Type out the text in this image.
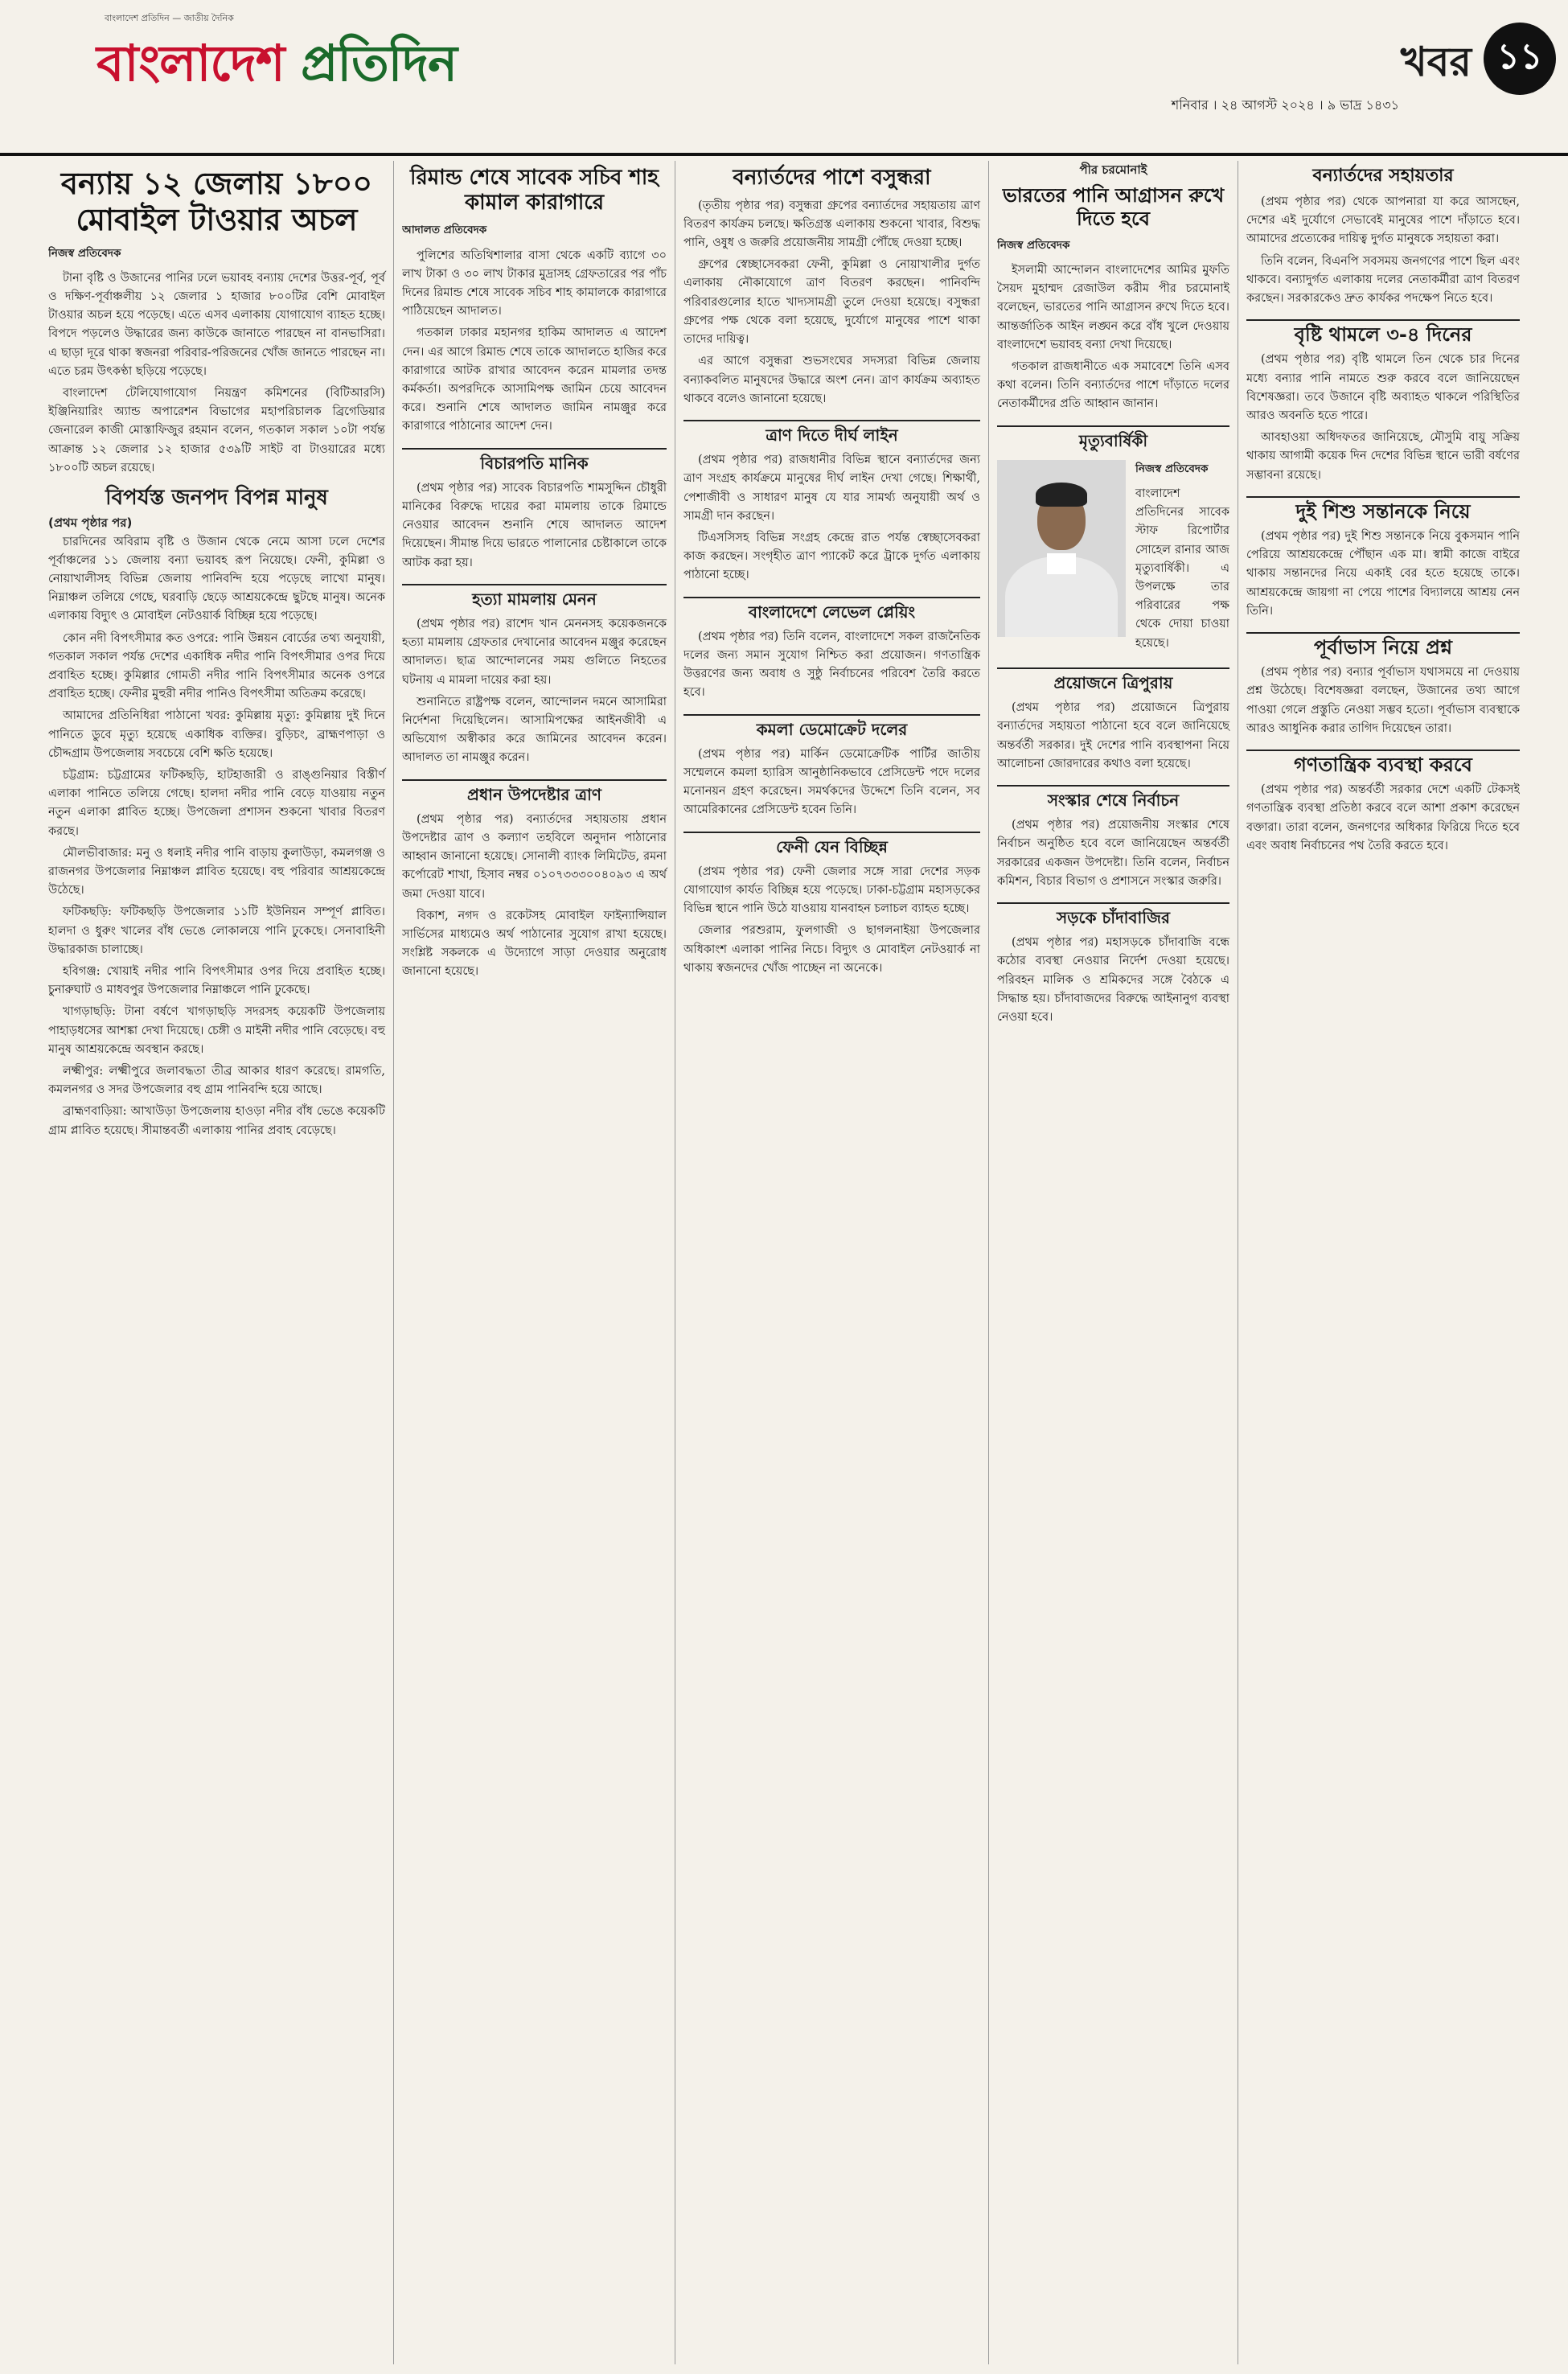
বাংলাদেশ প্রতিদিন — জাতীয় দৈনিক
বাংলাদেশ প্রতিদিন
শনিবার । ২৪ আগস্ট ২০২৪ । ৯ ভাদ্র ১৪৩১
খবর ১১
বন্যায় ১২ জেলায় ১৮০০ মোবাইল টাওয়ার অচল
নিজস্ব প্রতিবেদক

টানা বৃষ্টি ও উজানের পানির ঢলে ভয়াবহ বন্যায় দেশের উত্তর-পূর্ব, পূর্ব ও দক্ষিণ-পূর্বাঞ্চলীয় ১২ জেলার ১ হাজার ৮০০টির বেশি মোবাইল টাওয়ার অচল হয়ে পড়েছে। এতে এসব এলাকায় যোগাযোগ ব্যাহত হচ্ছে। বিপদে পড়লেও উদ্ধারের জন্য কাউকে জানাতে পারছেন না বানভাসিরা। এ ছাড়া দূরে থাকা স্বজনরা পরিবার-পরিজনের খোঁজ জানতে পারছেন না। এতে চরম উৎকণ্ঠা ছড়িয়ে পড়েছে।

বাংলাদেশ টেলিযোগাযোগ নিয়ন্ত্রণ কমিশনের (বিটিআরসি) ইঞ্জিনিয়ারিং অ্যান্ড অপারেশন বিভাগের মহাপরিচালক ব্রিগেডিয়ার জেনারেল কাজী মোস্তাফিজুর রহমান বলেন, গতকাল সকাল ১০টা পর্যন্ত আক্রান্ত ১২ জেলার ১২ হাজার ৫৩৯টি সাইট বা টাওয়ারের মধ্যে ১৮০০টি অচল রয়েছে।

বিপর্যস্ত জনপদ বিপন্ন মানুষ
(প্রথম পৃষ্ঠার পর)

চারদিনের অবিরাম বৃষ্টি ও উজান থেকে নেমে আসা ঢলে দেশের পূর্বাঞ্চলের ১১ জেলায় বন্যা ভয়াবহ রূপ নিয়েছে। ফেনী, কুমিল্লা ও নোয়াখালীসহ বিভিন্ন জেলায় পানিবন্দি হয়ে পড়েছে লাখো মানুষ। নিম্নাঞ্চল তলিয়ে গেছে, ঘরবাড়ি ছেড়ে আশ্রয়কেন্দ্রে ছুটছে মানুষ। অনেক এলাকায় বিদ্যুৎ ও মোবাইল নেটওয়ার্ক বিচ্ছিন্ন হয়ে পড়েছে।

কোন নদী বিপৎসীমার কত ওপরে: পানি উন্নয়ন বোর্ডের তথ্য অনুযায়ী, গতকাল সকাল পর্যন্ত দেশের একাধিক নদীর পানি বিপৎসীমার ওপর দিয়ে প্রবাহিত হচ্ছে। কুমিল্লার গোমতী নদীর পানি বিপৎসীমার অনেক ওপরে প্রবাহিত হচ্ছে। ফেনীর মুহুরী নদীর পানিও বিপৎসীমা অতিক্রম করেছে।

আমাদের প্রতিনিধিরা পাঠানো খবর: কুমিল্লায় মৃত্যু: কুমিল্লায় দুই দিনে পানিতে ডুবে মৃত্যু হয়েছে একাধিক ব্যক্তির। বুড়িচং, ব্রাহ্মণপাড়া ও চৌদ্দগ্রাম উপজেলায় সবচেয়ে বেশি ক্ষতি হয়েছে।

চট্টগ্রাম: চট্টগ্রামের ফটিকছড়ি, হাটহাজারী ও রাঙ্গুনিয়ার বিস্তীর্ণ এলাকা পানিতে তলিয়ে গেছে। হালদা নদীর পানি বেড়ে যাওয়ায় নতুন নতুন এলাকা প্লাবিত হচ্ছে। উপজেলা প্রশাসন শুকনো খাবার বিতরণ করছে।

মৌলভীবাজার: মনু ও ধলাই নদীর পানি বাড়ায় কুলাউড়া, কমলগঞ্জ ও রাজনগর উপজেলার নিম্নাঞ্চল প্লাবিত হয়েছে। বহু পরিবার আশ্রয়কেন্দ্রে উঠেছে।

ফটিকছড়ি: ফটিকছড়ি উপজেলার ১১টি ইউনিয়ন সম্পূর্ণ প্লাবিত। হালদা ও ধুরুং খালের বাঁধ ভেঙে লোকালয়ে পানি ঢুকেছে। সেনাবাহিনী উদ্ধারকাজ চালাচ্ছে।

হবিগঞ্জ: খোয়াই নদীর পানি বিপৎসীমার ওপর দিয়ে প্রবাহিত হচ্ছে। চুনারুঘাট ও মাধবপুর উপজেলার নিম্নাঞ্চলে পানি ঢুকেছে।

খাগড়াছড়ি: টানা বর্ষণে খাগড়াছড়ি সদরসহ কয়েকটি উপজেলায় পাহাড়ধসের আশঙ্কা দেখা দিয়েছে। চেঙ্গী ও মাইনী নদীর পানি বেড়েছে। বহু মানুষ আশ্রয়কেন্দ্রে অবস্থান করছে।

লক্ষ্মীপুর: লক্ষ্মীপুরে জলাবদ্ধতা তীব্র আকার ধারণ করেছে। রামগতি, কমলনগর ও সদর উপজেলার বহু গ্রাম পানিবন্দি হয়ে আছে।

ব্রাহ্মণবাড়িয়া: আখাউড়া উপজেলায় হাওড়া নদীর বাঁধ ভেঙে কয়েকটি গ্রাম প্লাবিত হয়েছে। সীমান্তবর্তী এলাকায় পানির প্রবাহ বেড়েছে।

রিমান্ড শেষে সাবেক সচিব শাহ কামাল কারাগারে
আদালত প্রতিবেদক

পুলিশের অতিথিশালার বাসা থেকে একটি ব্যাগে ৩০ লাখ টাকা ও ৩০ লাখ টাকার মুদ্রাসহ গ্রেফতারের পর পাঁচ দিনের রিমান্ড শেষে সাবেক সচিব শাহ কামালকে কারাগারে পাঠিয়েছেন আদালত।

গতকাল ঢাকার মহানগর হাকিম আদালত এ আদেশ দেন। এর আগে রিমান্ড শেষে তাকে আদালতে হাজির করে কারাগারে আটক রাখার আবেদন করেন মামলার তদন্ত কর্মকর্তা। অপরদিকে আসামিপক্ষ জামিন চেয়ে আবেদন করে। শুনানি শেষে আদালত জামিন নামঞ্জুর করে কারাগারে পাঠানোর আদেশ দেন।

বিচারপতি মানিক

(প্রথম পৃষ্ঠার পর) সাবেক বিচারপতি শামসুদ্দিন চৌধুরী মানিকের বিরুদ্ধে দায়ের করা মামলায় তাকে রিমান্ডে নেওয়ার আবেদন শুনানি শেষে আদালত আদেশ দিয়েছেন। সীমান্ত দিয়ে ভারতে পালানোর চেষ্টাকালে তাকে আটক করা হয়।

হত্যা মামলায় মেনন

(প্রথম পৃষ্ঠার পর) রাশেদ খান মেননসহ কয়েকজনকে হত্যা মামলায় গ্রেফতার দেখানোর আবেদন মঞ্জুর করেছেন আদালত। ছাত্র আন্দোলনের সময় গুলিতে নিহতের ঘটনায় এ মামলা দায়ের করা হয়।

শুনানিতে রাষ্ট্রপক্ষ বলেন, আন্দোলন দমনে আসামিরা নির্দেশনা দিয়েছিলেন। আসামিপক্ষের আইনজীবী এ অভিযোগ অস্বীকার করে জামিনের আবেদন করেন। আদালত তা নামঞ্জুর করেন।

প্রধান উপদেষ্টার ত্রাণ

(প্রথম পৃষ্ঠার পর) বন্যার্তদের সহায়তায় প্রধান উপদেষ্টার ত্রাণ ও কল্যাণ তহবিলে অনুদান পাঠানোর আহ্বান জানানো হয়েছে। সোনালী ব্যাংক লিমিটেড, রমনা কর্পোরেট শাখা, হিসাব নম্বর ০১০৭৩৩৩০০৪০৯৩ এ অর্থ জমা দেওয়া যাবে।

বিকাশ, নগদ ও রকেটসহ মোবাইল ফাইন্যান্সিয়াল সার্ভিসের মাধ্যমেও অর্থ পাঠানোর সুযোগ রাখা হয়েছে। সংশ্লিষ্ট সকলকে এ উদ্যোগে সাড়া দেওয়ার অনুরোধ জানানো হয়েছে।

বন্যার্তদের পাশে বসুন্ধরা

(তৃতীয় পৃষ্ঠার পর) বসুন্ধরা গ্রুপের বন্যার্তদের সহায়তায় ত্রাণ বিতরণ কার্যক্রম চলছে। ক্ষতিগ্রস্ত এলাকায় শুকনো খাবার, বিশুদ্ধ পানি, ওষুধ ও জরুরি প্রয়োজনীয় সামগ্রী পৌঁছে দেওয়া হচ্ছে।

গ্রুপের স্বেচ্ছাসেবকরা ফেনী, কুমিল্লা ও নোয়াখালীর দুর্গত এলাকায় নৌকাযোগে ত্রাণ বিতরণ করছেন। পানিবন্দি পরিবারগুলোর হাতে খাদ্যসামগ্রী তুলে দেওয়া হয়েছে। বসুন্ধরা গ্রুপের পক্ষ থেকে বলা হয়েছে, দুর্যোগে মানুষের পাশে থাকা তাদের দায়িত্ব।

এর আগে বসুন্ধরা শুভসংঘের সদস্যরা বিভিন্ন জেলায় বন্যাকবলিত মানুষদের উদ্ধারে অংশ নেন। ত্রাণ কার্যক্রম অব্যাহত থাকবে বলেও জানানো হয়েছে।

ত্রাণ দিতে দীর্ঘ লাইন

(প্রথম পৃষ্ঠার পর) রাজধানীর বিভিন্ন স্থানে বন্যার্তদের জন্য ত্রাণ সংগ্রহ কার্যক্রমে মানুষের দীর্ঘ লাইন দেখা গেছে। শিক্ষার্থী, পেশাজীবী ও সাধারণ মানুষ যে যার সামর্থ্য অনুযায়ী অর্থ ও সামগ্রী দান করছেন।

টিএসসিসহ বিভিন্ন সংগ্রহ কেন্দ্রে রাত পর্যন্ত স্বেচ্ছাসেবকরা কাজ করছেন। সংগৃহীত ত্রাণ প্যাকেট করে ট্রাকে দুর্গত এলাকায় পাঠানো হচ্ছে।

বাংলাদেশে লেভেল প্লেয়িং

(প্রথম পৃষ্ঠার পর) তিনি বলেন, বাংলাদেশে সকল রাজনৈতিক দলের জন্য সমান সুযোগ নিশ্চিত করা প্রয়োজন। গণতান্ত্রিক উত্তরণের জন্য অবাধ ও সুষ্ঠু নির্বাচনের পরিবেশ তৈরি করতে হবে।

কমলা ডেমোক্রেট দলের

(প্রথম পৃষ্ঠার পর) মার্কিন ডেমোক্রেটিক পার্টির জাতীয় সম্মেলনে কমলা হ্যারিস আনুষ্ঠানিকভাবে প্রেসিডেন্ট পদে দলের মনোনয়ন গ্রহণ করেছেন। সমর্থকদের উদ্দেশে তিনি বলেন, সব আমেরিকানের প্রেসিডেন্ট হবেন তিনি।

ফেনী যেন বিচ্ছিন্ন

(প্রথম পৃষ্ঠার পর) ফেনী জেলার সঙ্গে সারা দেশের সড়ক যোগাযোগ কার্যত বিচ্ছিন্ন হয়ে পড়েছে। ঢাকা-চট্টগ্রাম মহাসড়কের বিভিন্ন স্থানে পানি উঠে যাওয়ায় যানবাহন চলাচল ব্যাহত হচ্ছে।

জেলার পরশুরাম, ফুলগাজী ও ছাগলনাইয়া উপজেলার অধিকাংশ এলাকা পানির নিচে। বিদ্যুৎ ও মোবাইল নেটওয়ার্ক না থাকায় স্বজনদের খোঁজ পাচ্ছেন না অনেকে।

পীর চরমোনাই
ভারতের পানি আগ্রাসন রুখে দিতে হবে
নিজস্ব প্রতিবেদক

ইসলামী আন্দোলন বাংলাদেশের আমির মুফতি সৈয়দ মুহাম্মদ রেজাউল করীম পীর চরমোনাই বলেছেন, ভারতের পানি আগ্রাসন রুখে দিতে হবে। আন্তর্জাতিক আইন লঙ্ঘন করে বাঁধ খুলে দেওয়ায় বাংলাদেশে ভয়াবহ বন্যা দেখা দিয়েছে।

গতকাল রাজধানীতে এক সমাবেশে তিনি এসব কথা বলেন। তিনি বন্যার্তদের পাশে দাঁড়াতে দলের নেতাকর্মীদের প্রতি আহ্বান জানান।

মৃত্যুবার্ষিকী
নিজস্ব প্রতিবেদক

বাংলাদেশ প্রতিদিনের সাবেক স্টাফ রিপোর্টার সোহেল রানার আজ মৃত্যুবার্ষিকী। এ উপলক্ষে তার পরিবারের পক্ষ থেকে দোয়া চাওয়া হয়েছে।

প্রয়োজনে ত্রিপুরায়

(প্রথম পৃষ্ঠার পর) প্রয়োজনে ত্রিপুরায় বন্যার্তদের সহায়তা পাঠানো হবে বলে জানিয়েছে অন্তর্বর্তী সরকার। দুই দেশের পানি ব্যবস্থাপনা নিয়ে আলোচনা জোরদারের কথাও বলা হয়েছে।

সংস্কার শেষে নির্বাচন

(প্রথম পৃষ্ঠার পর) প্রয়োজনীয় সংস্কার শেষে নির্বাচন অনুষ্ঠিত হবে বলে জানিয়েছেন অন্তর্বর্তী সরকারের একজন উপদেষ্টা। তিনি বলেন, নির্বাচন কমিশন, বিচার বিভাগ ও প্রশাসনে সংস্কার জরুরি।

সড়কে চাঁদাবাজির

(প্রথম পৃষ্ঠার পর) মহাসড়কে চাঁদাবাজি বন্ধে কঠোর ব্যবস্থা নেওয়ার নির্দেশ দেওয়া হয়েছে। পরিবহন মালিক ও শ্রমিকদের সঙ্গে বৈঠকে এ সিদ্ধান্ত হয়। চাঁদাবাজদের বিরুদ্ধে আইনানুগ ব্যবস্থা নেওয়া হবে।

বন্যার্তদের সহায়তার

(প্রথম পৃষ্ঠার পর) থেকে আপনারা যা করে আসছেন, দেশের এই দুর্যোগে সেভাবেই মানুষের পাশে দাঁড়াতে হবে। আমাদের প্রত্যেকের দায়িত্ব দুর্গত মানুষকে সহায়তা করা।

তিনি বলেন, বিএনপি সবসময় জনগণের পাশে ছিল এবং থাকবে। বন্যাদুর্গত এলাকায় দলের নেতাকর্মীরা ত্রাণ বিতরণ করছেন। সরকারকেও দ্রুত কার্যকর পদক্ষেপ নিতে হবে।

বৃষ্টি থামলে ৩-৪ দিনের

(প্রথম পৃষ্ঠার পর) বৃষ্টি থামলে তিন থেকে চার দিনের মধ্যে বন্যার পানি নামতে শুরু করবে বলে জানিয়েছেন বিশেষজ্ঞরা। তবে উজানে বৃষ্টি অব্যাহত থাকলে পরিস্থিতির আরও অবনতি হতে পারে।

আবহাওয়া অধিদফতর জানিয়েছে, মৌসুমি বায়ু সক্রিয় থাকায় আগামী কয়েক দিন দেশের বিভিন্ন স্থানে ভারী বর্ষণের সম্ভাবনা রয়েছে।

দুই শিশু সন্তানকে নিয়ে

(প্রথম পৃষ্ঠার পর) দুই শিশু সন্তানকে নিয়ে বুকসমান পানি পেরিয়ে আশ্রয়কেন্দ্রে পৌঁছান এক মা। স্বামী কাজে বাইরে থাকায় সন্তানদের নিয়ে একাই বের হতে হয়েছে তাকে। আশ্রয়কেন্দ্রে জায়গা না পেয়ে পাশের বিদ্যালয়ে আশ্রয় নেন তিনি।

পূর্বাভাস নিয়ে প্রশ্ন

(প্রথম পৃষ্ঠার পর) বন্যার পূর্বাভাস যথাসময়ে না দেওয়ায় প্রশ্ন উঠেছে। বিশেষজ্ঞরা বলছেন, উজানের তথ্য আগে পাওয়া গেলে প্রস্তুতি নেওয়া সম্ভব হতো। পূর্বাভাস ব্যবস্থাকে আরও আধুনিক করার তাগিদ দিয়েছেন তারা।

গণতান্ত্রিক ব্যবস্থা করবে

(প্রথম পৃষ্ঠার পর) অন্তর্বর্তী সরকার দেশে একটি টেকসই গণতান্ত্রিক ব্যবস্থা প্রতিষ্ঠা করবে বলে আশা প্রকাশ করেছেন বক্তারা। তারা বলেন, জনগণের অধিকার ফিরিয়ে দিতে হবে এবং অবাধ নির্বাচনের পথ তৈরি করতে হবে।
